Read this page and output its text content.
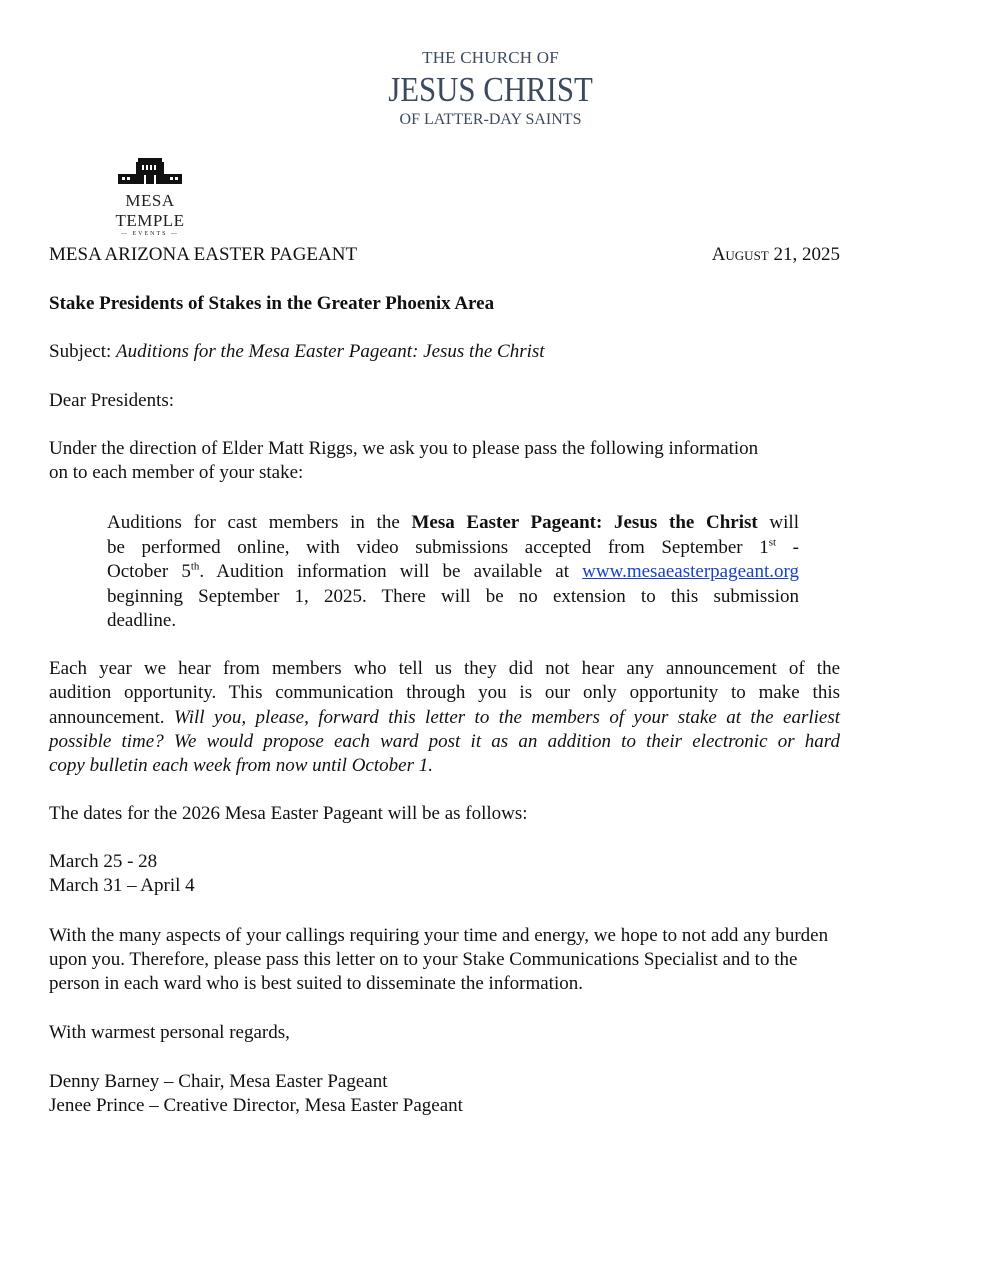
THE CHURCH OF
JESUS CHRIST
OF LATTER-DAY SAINTS
MESA TEMPLE
— EVENTS —
MESA ARIZONA EASTER PAGEANT	August 21, 2025
Stake Presidents of Stakes in the Greater Phoenix Area
Subject: Auditions for the Mesa Easter Pageant: Jesus the Christ
Dear Presidents:
Under the direction of Elder Matt Riggs, we ask you to please pass the following information
on to each member of your stake:
Auditions for cast members in the Mesa Easter Pageant: Jesus the Christ will
be performed online, with video submissions accepted from September 1st -
October 5th. Audition information will be available at www.mesaeasterpageant.org
beginning September 1, 2025. There will be no extension to this submission
deadline.
Each year we hear from members who tell us they did not hear any announcement of the
audition opportunity. This communication through you is our only opportunity to make this
announcement. Will you, please, forward this letter to the members of your stake at the earliest
possible time? We would propose each ward post it as an addition to their electronic or hard
copy bulletin each week from now until October 1.
The dates for the 2026 Mesa Easter Pageant will be as follows:
March 25 - 28
March 31 – April 4
With the many aspects of your callings requiring your time and energy, we hope to not add any burden
upon you. Therefore, please pass this letter on to your Stake Communications Specialist and to the
person in each ward who is best suited to disseminate the information.
With warmest personal regards,
Denny Barney – Chair, Mesa Easter Pageant
Jenee Prince – Creative Director, Mesa Easter Pageant
